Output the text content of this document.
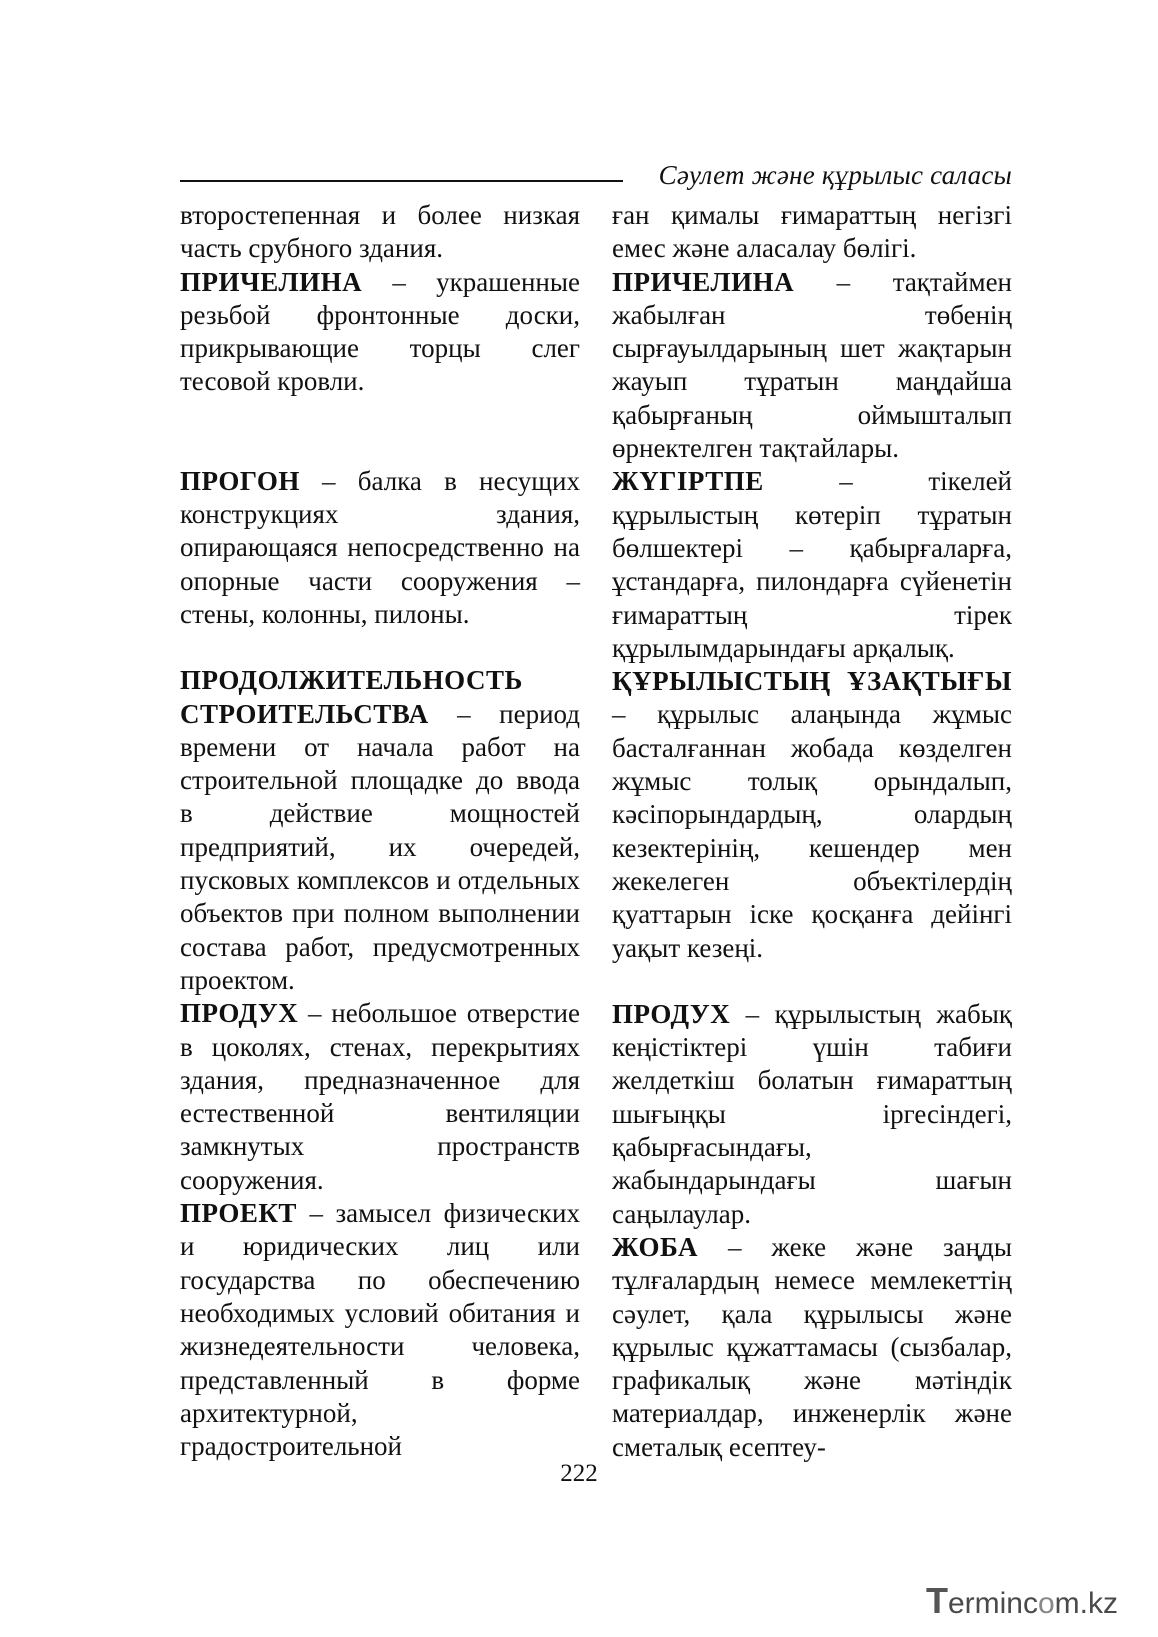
Сәулет және құрылыс саласы

второстепенная и более низкая часть срубного здания.

ПРИЧЕЛИНА – украшенные резьбой фронтонные доски, прикрывающие торцы слег тесовой кровли.

ПРОГОН – балка в несущих конструкциях здания, опирающаяся непосредственно на опорные части сооружения – стены, колонны, пилоны.

ПРОДОЛЖИТЕЛЬНОСТЬ СТРОИТЕЛЬСТВА – период времени от начала работ на строительной площадке до ввода в действие мощностей предприятий, их очередей, пусковых комплексов и отдельных объектов при полном выполнении состава работ, предусмотренных проектом.

ПРОДУХ – небольшое отверстие в цоколях, стенах, перекрытиях здания, предназначенное для естественной вентиляции замкнутых пространств сооружения.

ПРОЕКТ – замысел физических и юридических лиц или государства по обеспечению необходимых условий обитания и жизнедеятельности человека, представленный в форме архитектурной, градостроительной

ған қималы ғимараттың негізгі емес және аласалау бөлігі.

ПРИЧЕЛИНА – тақтаймен жабылған төбенің сырғауылдарының шет жақтарын жауып тұратын маңдайша қабырғаның оймышталып өрнектелген тақтайлары.

ЖҮГІРТПЕ – тікелей құрылыстың көтеріп тұратын бөлшектері – қабырғаларға, ұстандарға, пилондарға сүйенетін ғимараттың тірек құрылымдарындағы арқалық.

ҚҰРЫЛЫСТЫҢ ҰЗАҚТЫҒЫ – құрылыс алаңында жұмыс басталғаннан жобада көзделген жұмыс толық орындалып, кәсіпорындардың, олардың кезектерінің, кешендер мен жекелеген объектілердің қуаттарын іске қосқанға дейінгі уақыт кезеңі.

ПРОДУХ – құрылыстың жабық кеңістіктері үшін табиғи желдеткіш болатын ғимараттың шығыңқы іргесіндегі, қабырғасындағы, жабындарындағы шағын саңылаулар.

ЖОБА – жеке және заңды тұлғалардың немесе мемлекеттің сәулет, қала құрылысы және құрылыс құжаттамасы (сызбалар, графикалық және мәтіндік материалдар, инженерлік және сметалық есептеу-

222
Termincom.kz
